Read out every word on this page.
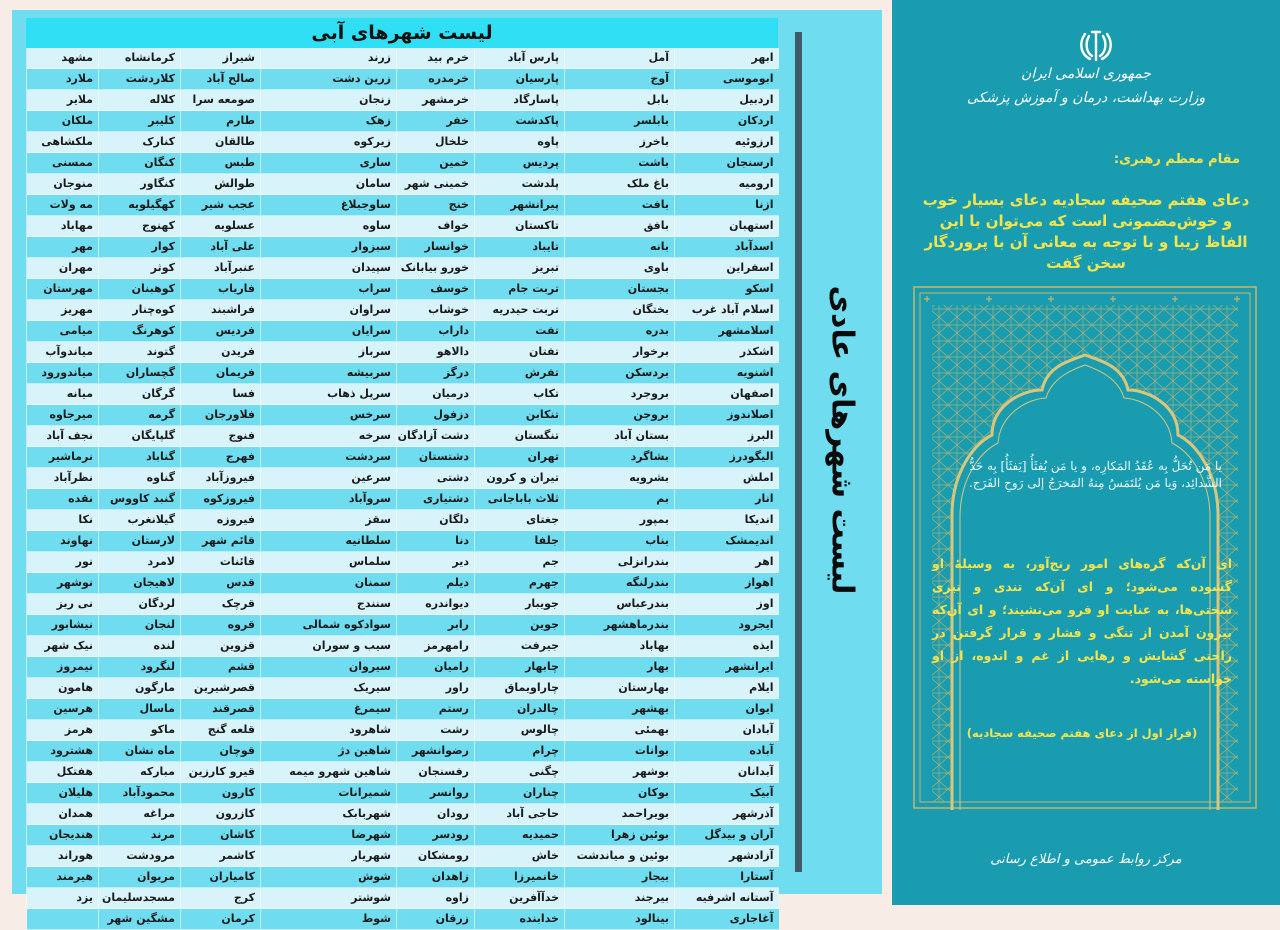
لیست شهرهای آبی
ابهر	آمل	پارس آباد	خرم بید	زرند	شیراز	کرمانشاه	مشهد
ابوموسی	آوج	پارسیان	خرمدره	زرین دشت	صالح آباد	کلاردشت	ملارد
اردبیل	بابل	پاسارگاد	خرمشهر	زنجان	صومعه سرا	کلاله	ملایر
اردکان	بابلسر	پاکدشت	خفر	زهک	طارم	کلیبر	ملکان
ارزوئیه	باخرز	پاوه	خلخال	زیرکوه	طالقان	کنارک	ملکشاهی
ارسنجان	باشت	پردیس	خمین	ساری	طبس	کنگان	ممسنی
ارومیه	باغ ملک	پلدشت	خمینی شهر	سامان	طوالش	کنگاور	منوجان
ازنا	بافت	پیرانشهر	خنج	ساوجبلاغ	عجب شیر	کهگیلویه	مه ولات
استهبان	بافق	تاکستان	خواف	ساوه	عسلویه	کهنوج	مهاباد
اسدآباد	بانه	تایباد	خوانسار	سبزوار	علی آباد	کوار	مهر
اسفراین	باوی	تبریز	خورو بیابانک	سپیدان	عنبرآباد	کوثر	مهران
اسکو	بجستان	تربت جام	خوسف	سراب	فاریاب	کوهبنان	مهرستان
اسلام آباد غرب	بختگان	تربت حیدریه	خوشاب	سراوان	فراشبند	کوه‌چنار	مهریز
اسلامشهر	بدره	تفت	داراب	سرایان	فردیس	کوهرنگ	میامی
اشکذر	برخوار	تفتان	دالاهو	سرباز	فریدن	گتوند	میاندوآب
اشنویه	بردسکن	تفرش	درگز	سربیشه	فریمان	گچساران	میاندورود
اصفهان	بروجرد	تکاب	درمیان	سرپل ذهاب	فسا	گرگان	میانه
اصلاندوز	بروجن	تنکابن	دزفول	سرخس	فلاورجان	گرمه	میرجاوه
البرز	بستان آباد	تنگستان	دشت آزادگان	سرخه	فنوج	گلپایگان	نجف آباد
الیگودرز	بشاگرد	تهران	دشتستان	سردشت	فهرج	گناباد	نرماشیر
املش	بشرویه	تیران و کرون	دشتی	سرعین	فیروزآباد	گناوه	نظرآباد
انار	بم	ثلاث باباجانی	دشتیاری	سروآباد	فیروزکوه	گنبد کاووس	نقده
اندیکا	بمپور	جغتای	دلگان	سقز	فیروزه	گیلانغرب	نکا
اندیمشک	بناب	جلفا	دنا	سلطانیه	قائم شهر	لارستان	نهاوند
اهر	بندرانزلی	جم	دیر	سلماس	قائنات	لامرد	نور
اهواز	بندرلنگه	جهرم	دیلم	سمنان	قدس	لاهیجان	نوشهر
اوز	بندرعباس	جویبار	دیواندره	سنندج	قرچک	لردگان	نی ریز
ایجرود	بندرماهشهر	جوین	رابر	سوادکوه شمالی	قروه	لنجان	نیشابور
ایذه	بهاباد	جیرفت	رامهرمز	سیب و سوران	قزوین	لنده	نیک شهر
ایرانشهر	بهار	چابهار	رامیان	سیروان	قشم	لنگرود	نیمروز
ایلام	بهارستان	چاراویماق	راور	سیریک	قصرشیرین	مارگون	هامون
ایوان	بهشهر	چالدران	رستم	سیمرغ	قصرقند	ماسال	هرسین
آبادان	بهمئی	چالوس	رشت	شاهرود	قلعه گنج	ماکو	هرمز
آباده	بوانات	چرام	رضوانشهر	شاهین دژ	قوچان	ماه نشان	هشترود
آبدانان	بوشهر	چگنی	رفسنجان	شاهین شهرو میمه	قیرو کارزین	مبارکه	هفتکل
آبیک	بوکان	چناران	روانسر	شمیرانات	کارون	محمودآباد	هلیلان
آذرشهر	بویراحمد	حاجی آباد	رودان	شهربابک	کازرون	مراغه	همدان
آران و بیدگل	بوئین زهرا	حمیدیه	رودسر	شهرضا	کاشان	مرند	هندیجان
آزادشهر	بوئین و میاندشت	خاش	رومشکان	شهریار	کاشمر	مرودشت	هوراند
آستارا	بیجار	خانمیرزا	زاهدان	شوش	کامیاران	مریوان	هیرمند
آستانه اشرفیه	بیرجند	خدآآفرین	زاوه	شوشتر	کرج	مسجدسلیمان	یزد
آغاجاری	بینالود	خدابنده	زرقان	شوط	کرمان	مشگین شهر	
لیست شهرهای عادی
جمهوری اسلامی ایران
وزارت بهداشت، درمان و آموزش پزشکی
مقام معظم رهبری:
دعای هفتم صحیفه سجادیه دعای بسیار خوب و خوش‌مضمونی است که می‌توان با این الفاظ زیبا و با توجه به معانی آن با پروردگار سخن گفت
یا مَن تُحَلُّ بِه عُقَدُ المَکارِه، و یا مَن یُفثَأُ [یَفثَأُ] بِه حَدُّ الشَّدائِد، وَیا مَن یُلتَمَسُ مِنهُ المَخرَجُ إلی رَوحِ الفَرَج.
ای آن‌که گره‌های امور رنج‌آور، به وسیلهٔ او گشوده می‌شود؛ و ای آن‌که تندی و تیزی سختی‌ها، به عنایت او فرو می‌نشیند؛ و ای آن‌که بیرون آمدن از تنگی و فشار و قرار گرفتن در راحتی گشایش و رهایی از غم و اندوه، از او خواسته می‌شود.
(فراز اول از دعای هفتم صحیفه سجادیه)
مرکز روابط عمومی و اطلاع رسانی
